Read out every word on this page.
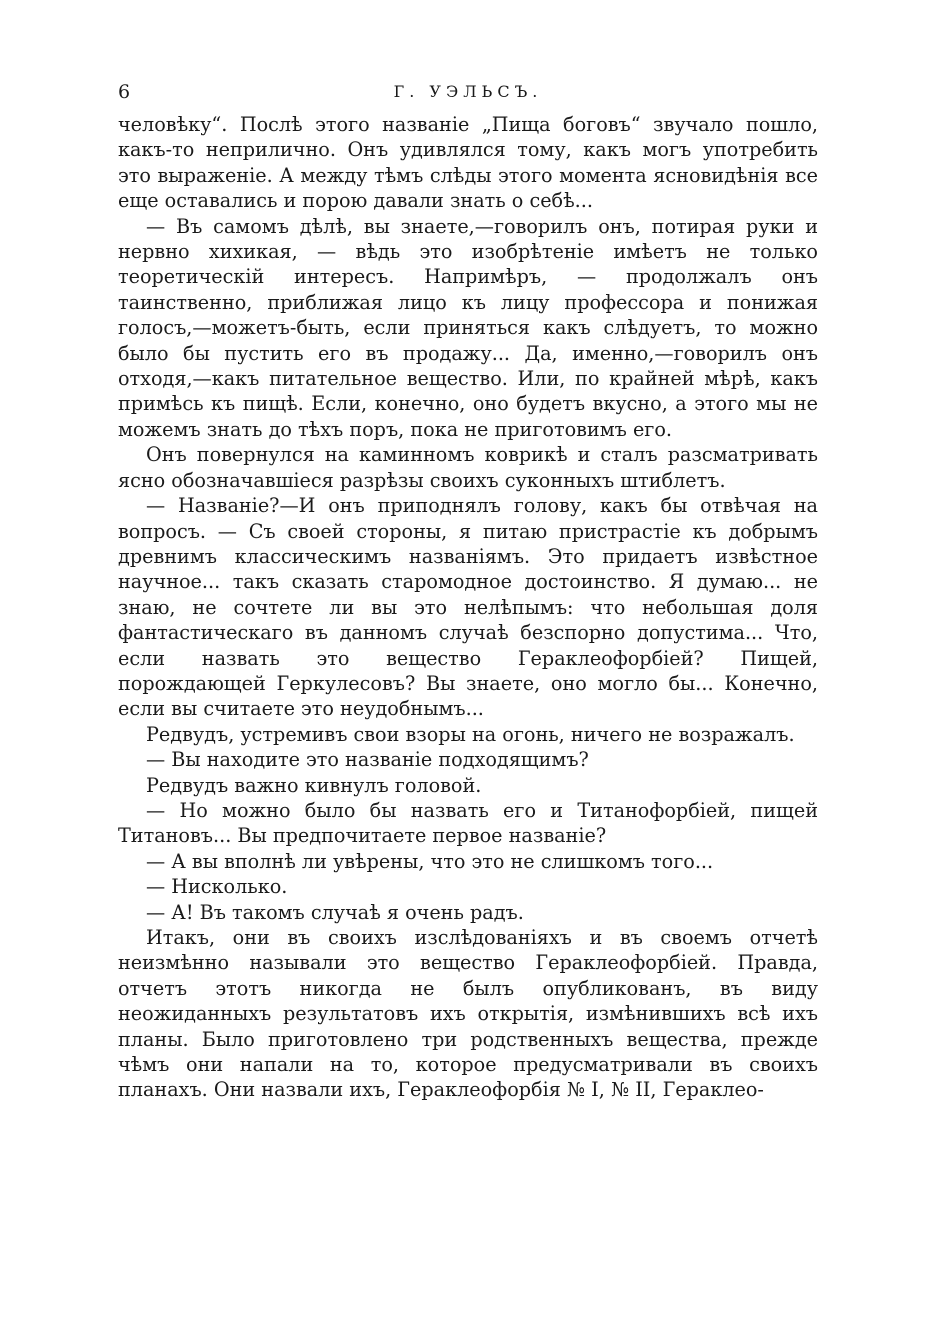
6	Г. УЭЛЬСЪ.

человѣку“. Послѣ этого названіе „Пища боговъ“ звучало пошло, какъ-то неприлично. Онъ удивлялся тому, какъ могъ употребить это выраженіе. А между тѣмъ слѣды этого момента ясновидѣнія все еще оставались и порою давали знать о себѣ...

— Въ самомъ дѣлѣ, вы знаете,—говорилъ онъ, потирая руки и нервно хихикая, — вѣдь это изобрѣтеніе имѣетъ не только теоретическій интересъ. Напримѣръ, — продолжалъ онъ таинственно, приближая лицо къ лицу профессора и понижая голосъ,—можетъ-быть, если приняться какъ слѣдуетъ, то можно было бы пустить его въ продажу... Да, именно,—говорилъ онъ отходя,—какъ питательное вещество. Или, по крайней мѣрѣ, какъ примѣсь къ пищѣ. Если, конечно, оно будетъ вкусно, а этого мы не можемъ знать до тѣхъ поръ, пока не приготовимъ его.

Онъ повернулся на каминномъ коврикѣ и сталъ разсматривать ясно обозначавшіеся разрѣзы своихъ суконныхъ штиблетъ.

— Названіе?—И онъ приподнялъ голову, какъ бы отвѣчая на вопросъ. — Съ своей стороны, я питаю пристрастіе къ добрымъ древнимъ классическимъ названіямъ. Это придаетъ извѣстное научное... такъ сказать старомодное достоинство. Я думаю... не знаю, не сочтете ли вы это нелѣпымъ: что небольшая доля фантастическаго въ данномъ случаѣ безспорно допустима... Что, если назвать это вещество Гераклеофорбіей? Пищей, порождающей Геркулесовъ? Вы знаете, оно могло бы... Конечно, если вы считаете это неудобнымъ...

Редвудъ, устремивъ свои взоры на огонь, ничего не возражалъ.

— Вы находите это названіе подходящимъ?

Редвудъ важно кивнулъ головой.

— Но можно было бы назвать его и Титанофорбіей, пищей Титановъ... Вы предпочитаете первое названіе?

— А вы вполнѣ ли увѣрены, что это не слишкомъ того...

— Нисколько.

— А! Въ такомъ случаѣ я очень радъ.

Итакъ, они въ своихъ изслѣдованіяхъ и въ своемъ отчетѣ неизмѣнно называли это вещество Гераклеофорбіей. Правда, отчетъ этотъ никогда не былъ опубликованъ, въ виду неожиданныхъ результатовъ ихъ открытія, измѣнившихъ всѣ ихъ планы. Было приготовлено три родственныхъ вещества, прежде чѣмъ они напали на то, которое предусматривали въ своихъ планахъ. Они назвали ихъ, Гераклеофорбія № I, № II, Гераклео-
